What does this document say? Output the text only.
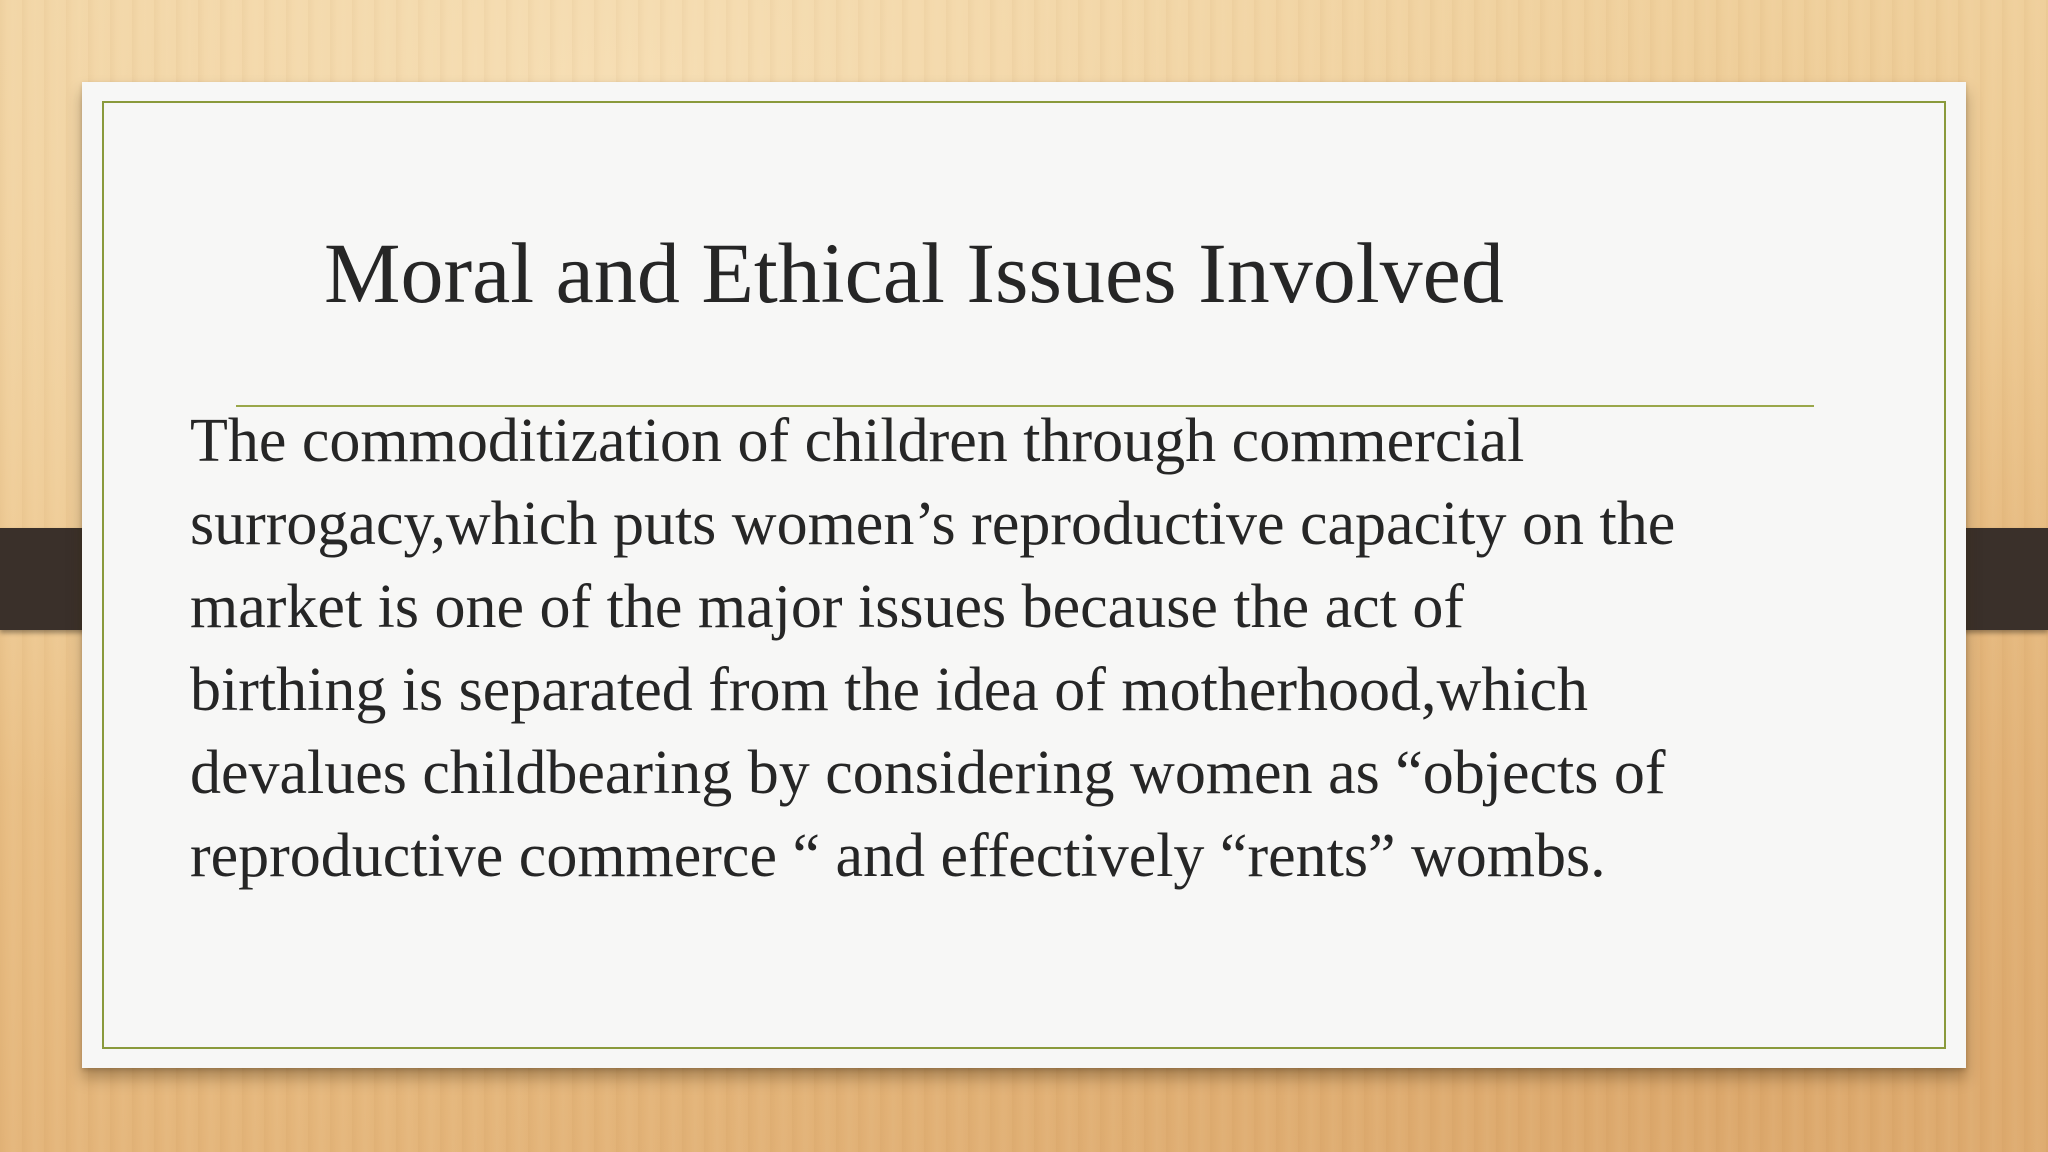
Moral and Ethical Issues Involved

The commoditization of children through commercial
surrogacy,which puts women’s reproductive capacity on the
market is one of the major issues because the act of
birthing is separated from the idea of motherhood,which
devalues childbearing by considering women as “objects of
reproductive commerce “ and effectively “rents” wombs.
